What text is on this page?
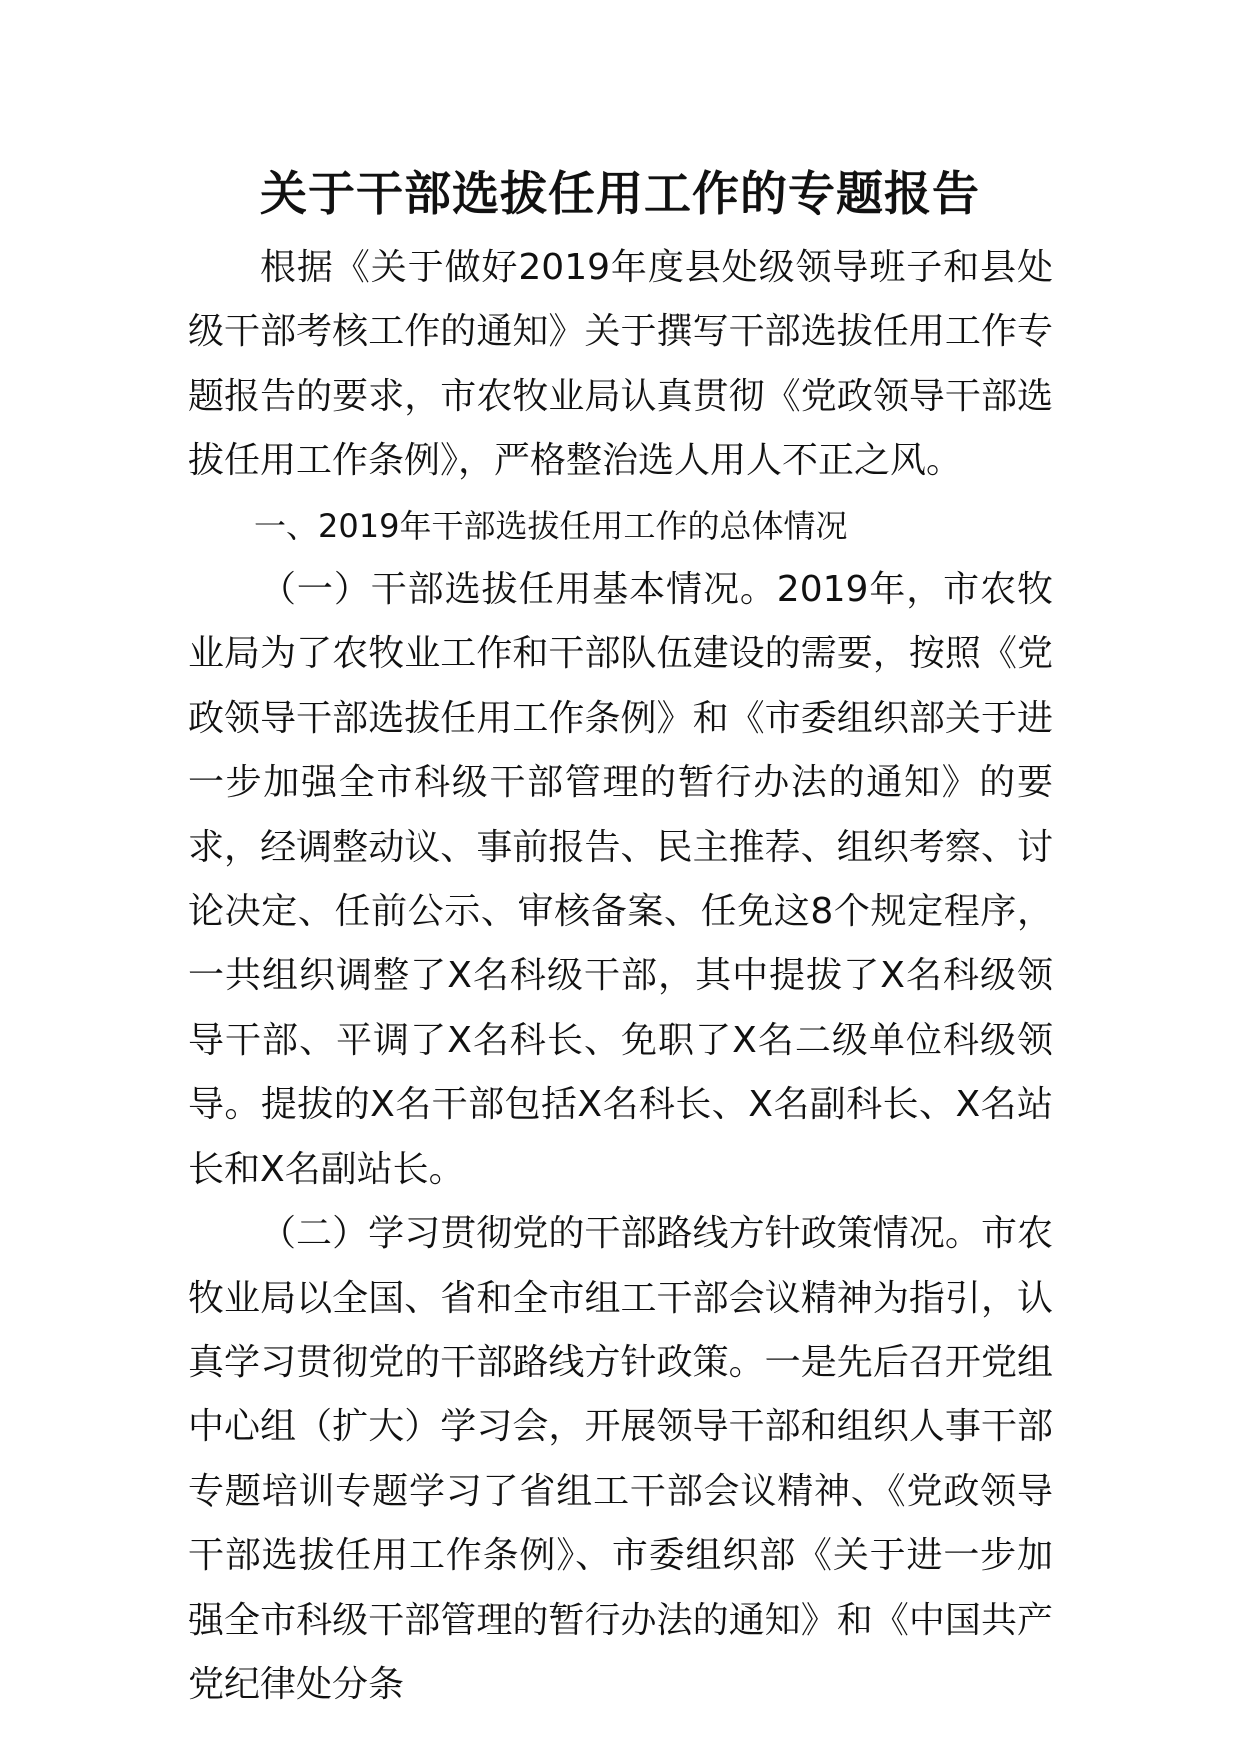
关于干部选拔任用工作的专题报告

根据《关于做好2019年度县处级领导班子和县处级干部考核工作的通知》关于撰写干部选拔任用工作专题报告的要求，市农牧业局认真贯彻《党政领导干部选拔任用工作条例》，严格整治选人用人不正之风。

一、2019年干部选拔任用工作的总体情况

（一）干部选拔任用基本情况。2019年，市农牧业局为了农牧业工作和干部队伍建设的需要，按照《党政领导干部选拔任用工作条例》和《市委组织部关于进一步加强全市科级干部管理的暂行办法的通知》的要求，经调整动议、事前报告、民主推荐、组织考察、讨论决定、任前公示、审核备案、任免这8个规定程序，一共组织调整了X名科级干部，其中提拔了X名科级领导干部、平调了X名科长、免职了X名二级单位科级领导。提拔的X名干部包括X名科长、X名副科长、X名站长和X名副站长。

（二）学习贯彻党的干部路线方针政策情况。市农牧业局以全国、省和全市组工干部会议精神为指引，认真学习贯彻党的干部路线方针政策。一是先后召开党组中心组（扩大）学习会，开展领导干部和组织人事干部专题培训专题学习了省组工干部会议精神、《党政领导干部选拔任用工作条例》、市委组织部《关于进一步加强全市科级干部管理的暂行办法的通知》和《中国共产党纪律处分条
